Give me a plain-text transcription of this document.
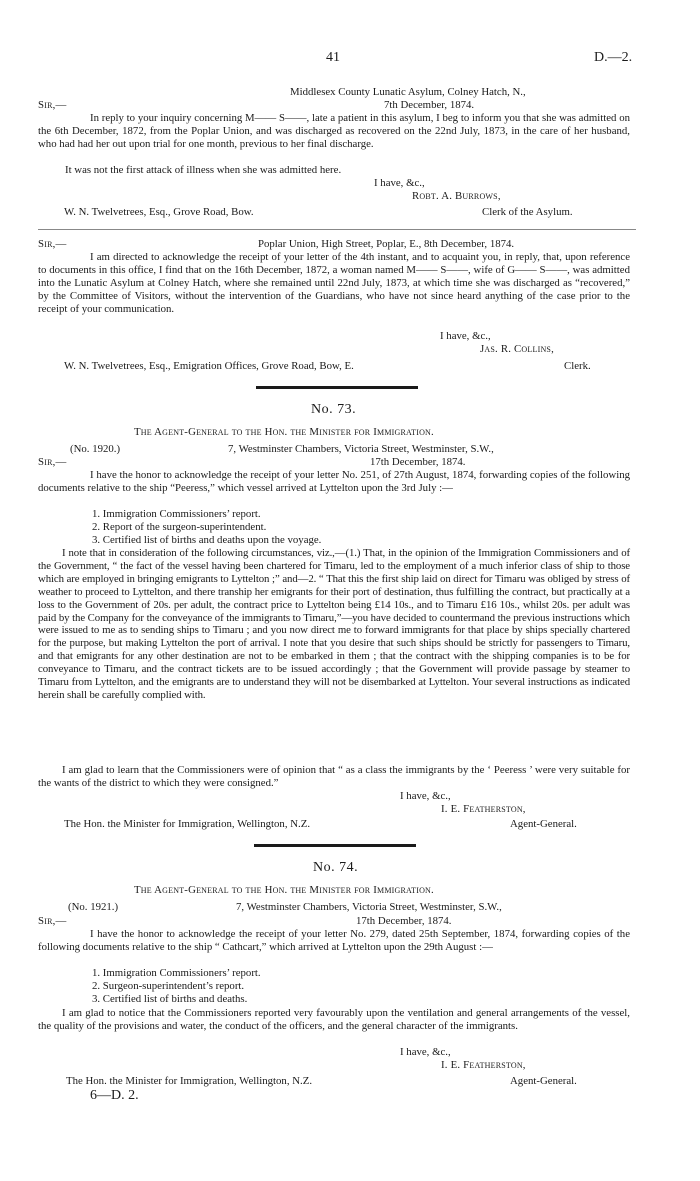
41	D.—2.
Middlesex County Lunatic Asylum, Colney Hatch, N.,
Sir,—	7th December, 1874.
In reply to your inquiry concerning M—— S——, late a patient in this asylum, I beg to inform you that she was admitted on the 6th December, 1872, from the Poplar Union, and was discharged as recovered on the 22nd July, 1873, in the care of her husband, who had had her out upon trial for one month, previous to her final discharge.
It was not the first attack of illness when she was admitted here.
I have, &c.,
Robt. A. Burrows,
W. N. Twelvetrees, Esq., Grove Road, Bow.	Clerk of the Asylum.
Sir,—	Poplar Union, High Street, Poplar, E., 8th December, 1874.
I am directed to acknowledge the receipt of your letter of the 4th instant, and to acquaint you, in reply, that, upon reference to documents in this office, I find that on the 16th December, 1872, a woman named M—— S——, wife of G—— S——, was admitted into the Lunatic Asylum at Colney Hatch, where she remained until 22nd July, 1873, at which time she was discharged as “recovered,” by the Committee of Visitors, without the intervention of the Guardians, who have not since heard anything of the case prior to the receipt of your communication.
I have, &c.,
Jas. R. Collins,
W. N. Twelvetrees, Esq., Emigration Offices, Grove Road, Bow, E.	Clerk.
No. 73.
The Agent-General to the Hon. the Minister for Immigration.
(No. 1920.)	7, Westminster Chambers, Victoria Street, Westminster, S.W.,
Sir,—	17th December, 1874.
I have the honor to acknowledge the receipt of your letter No. 251, of 27th August, 1874, forwarding copies of the following documents relative to the ship “Peeress,” which vessel arrived at Lyttelton upon the 3rd July :—
1. Immigration Commissioners’ report.
2. Report of the surgeon-superintendent.
3. Certified list of births and deaths upon the voyage.
I note that in consideration of the following circumstances, viz.,—(1.) That, in the opinion of the Immigration Commissioners and of the Government, “ the fact of the vessel having been chartered for Timaru, led to the employment of a much inferior class of ship to those which are employed in bringing emigrants to Lyttelton ;” and—2. “ That this the first ship laid on direct for Timaru was obliged by stress of weather to proceed to Lyttelton, and there tranship her emigrants for their port of destination, thus fulfilling the contract, but practically at a loss to the Government of 20s. per adult, the contract price to Lyttelton being £14 10s., and to Timaru £16 10s., whilst 20s. per adult was paid by the Company for the conveyance of the immigrants to Timaru,”—you have decided to countermand the previous instructions which were issued to me as to sending ships to Timaru ; and you now direct me to forward immigrants for that place by ships specially chartered for the purpose, but making Lyttelton the port of arrival. I note that you desire that such ships should be strictly for passengers to Timaru, and that emigrants for any other destination are not to be embarked in them ; that the contract with the shipping companies is to be for conveyance to Timaru, and the contract tickets are to be issued accordingly ; that the Government will provide passage by steamer to Timaru from Lyttelton, and the emigrants are to understand they will not be disembarked at Lyttelton. Your several instructions as indicated herein shall be carefully complied with.
I am glad to learn that the Commissioners were of opinion that “ as a class the immigrants by the ‘ Peeress ’ were very suitable for the wants of the district to which they were consigned.”
I have, &c.,
I. E. Featherston,
The Hon. the Minister for Immigration, Wellington, N.Z.	Agent-General.
No. 74.
The Agent-General to the Hon. the Minister for Immigration.
(No. 1921.)	7, Westminster Chambers, Victoria Street, Westminster, S.W.,
Sir,—	17th December, 1874.
I have the honor to acknowledge the receipt of your letter No. 279, dated 25th September, 1874, forwarding copies of the following documents relative to the ship “ Cathcart,” which arrived at Lyttelton upon the 29th August :—
1. Immigration Commissioners’ report.
2. Surgeon-superintendent’s report.
3. Certified list of births and deaths.
I am glad to notice that the Commissioners reported very favourably upon the ventilation and general arrangements of the vessel, the quality of the provisions and water, the conduct of the officers, and the general character of the immigrants.
I have, &c.,
I. E. Featherston,
The Hon. the Minister for Immigration, Wellington, N.Z.	Agent-General.
6—D. 2.
